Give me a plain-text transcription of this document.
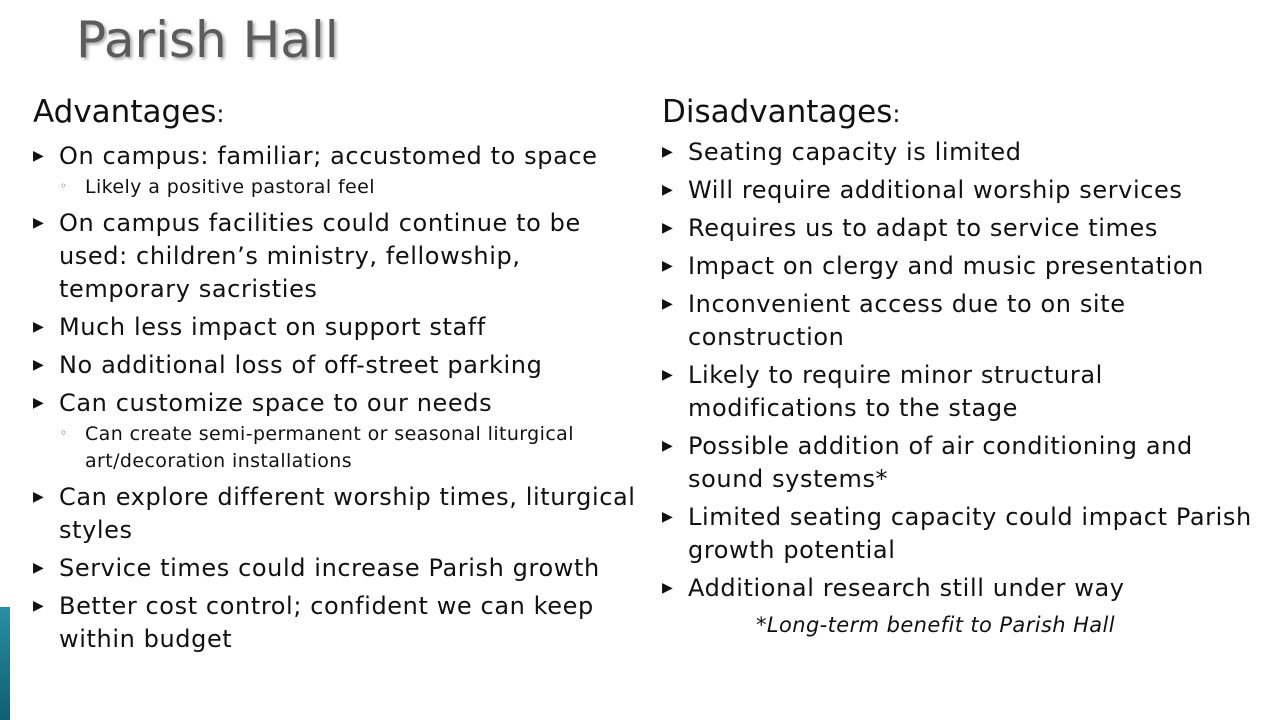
Parish Hall
Advantages:
▶ On campus: familiar; accustomed to space
◦ Likely a positive pastoral feel
▶ On campus facilities could continue to be used: children’s ministry, fellowship, temporary sacristies
▶ Much less impact on support staff
▶ No additional loss of off-street parking
▶ Can customize space to our needs
◦ Can create semi-permanent or seasonal liturgical art/decoration installations
▶ Can explore different worship times, liturgical styles
▶ Service times could increase Parish growth
▶ Better cost control; confident we can keep within budget
Disadvantages:
▶ Seating capacity is limited
▶ Will require additional worship services
▶ Requires us to adapt to service times
▶ Impact on clergy and music presentation
▶ Inconvenient access due to on site construction
▶ Likely to require minor structural modifications to the stage
▶ Possible addition of air conditioning and sound systems*
▶ Limited seating capacity could impact Parish growth potential
▶ Additional research still under way

*Long-term benefit to Parish Hall
